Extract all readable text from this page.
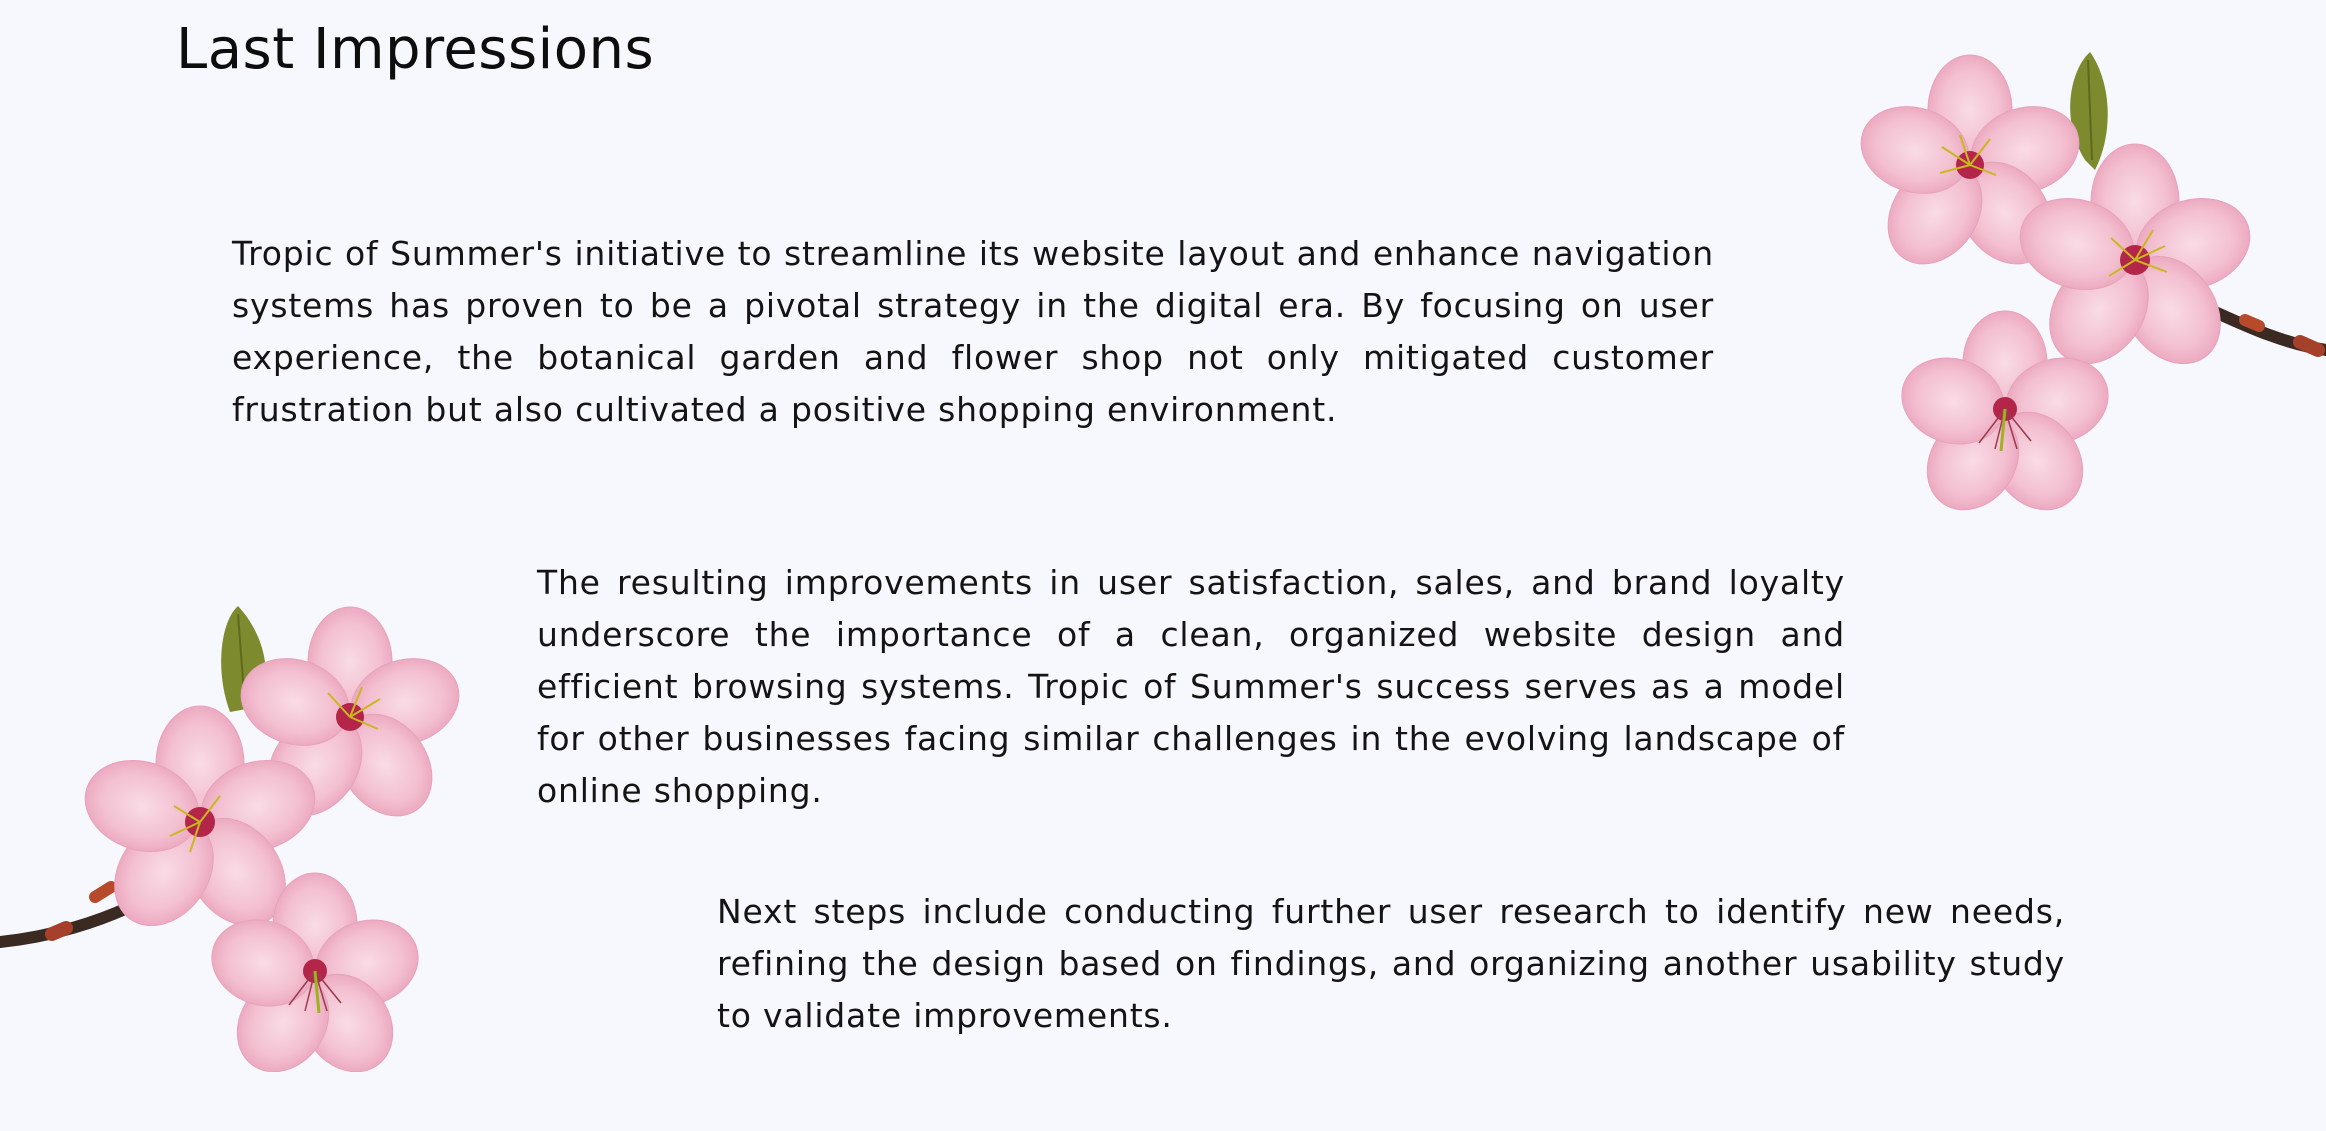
Last Impressions

Tropic of Summer's initiative to streamline its website layout and enhance navigation systems has proven to be a pivotal strategy in the digital era. By focusing on user experience, the botanical garden and flower shop not only mitigated customer frustration but also cultivated a positive shopping environment.

The resulting improvements in user satisfaction, sales, and brand loyalty underscore the importance of a clean, organized website design and efficient browsing systems. Tropic of Summer's success serves as a model for other businesses facing similar challenges in the evolving landscape of online shopping.

Next steps include conducting further user research to identify new needs, refining the design based on findings, and organizing another usability study to validate improvements.
